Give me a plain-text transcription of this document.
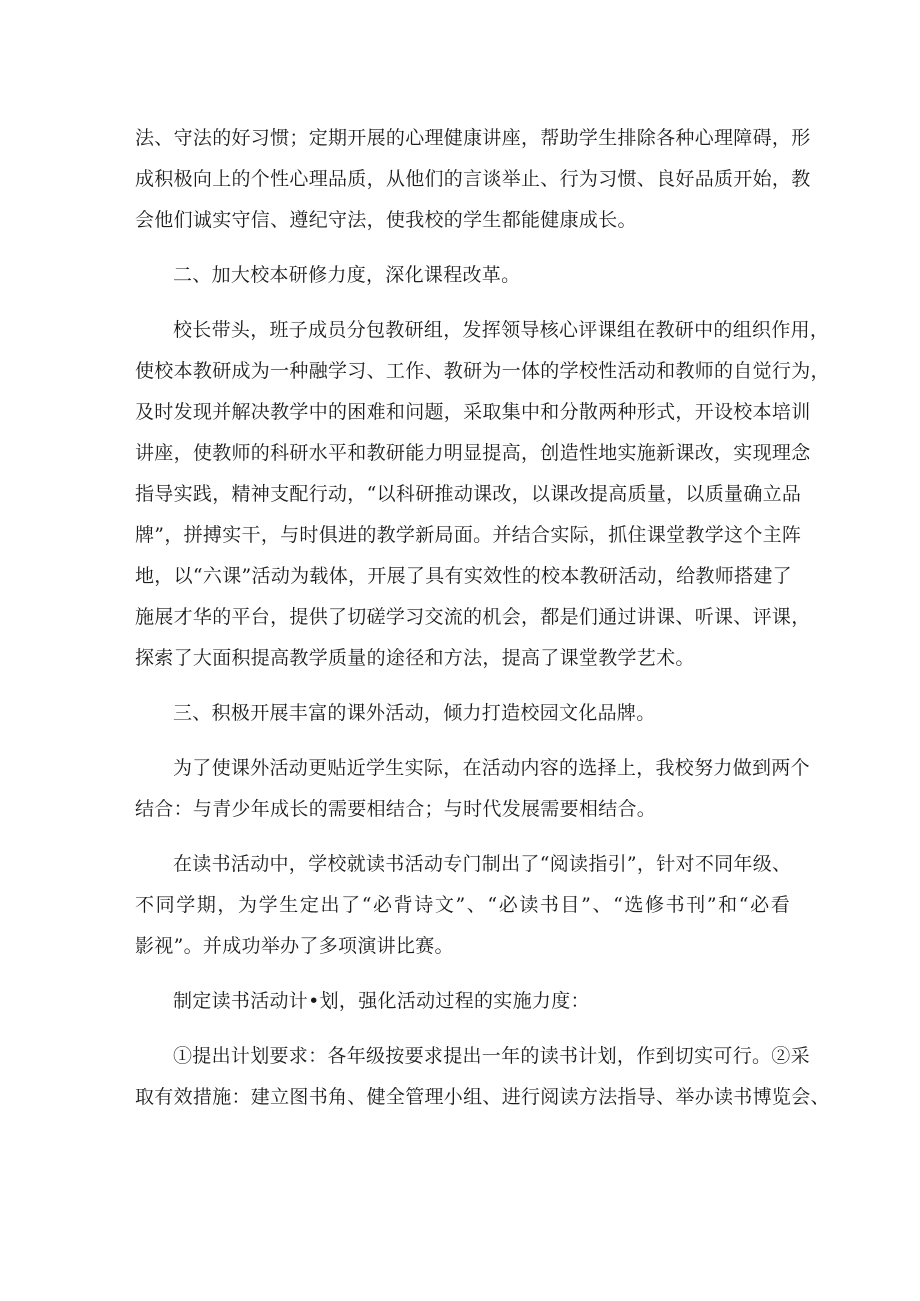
法、守法的好习惯；定期开展的心理健康讲座，帮助学生排除各种心理障碍，形
成积极向上的个性心理品质，从他们的言谈举止、行为习惯、良好品质开始，教
会他们诚实守信、遵纪守法，使我校的学生都能健康成长。

二、加大校本研修力度，深化课程改革。

校长带头，班子成员分包教研组，发挥领导核心评课组在教研中的组织作用，
使校本教研成为一种融学习、工作、教研为一体的学校性活动和教师的自觉行为，
及时发现并解决教学中的困难和问题，采取集中和分散两种形式，开设校本培训
讲座，使教师的科研水平和教研能力明显提高，创造性地实施新课改，实现理念
指导实践，精神支配行动，“以科研推动课改，以课改提高质量，以质量确立品
牌”，拼搏实干，与时俱进的教学新局面。并结合实际，抓住课堂教学这个主阵
地，以“六课”活动为载体，开展了具有实效性的校本教研活动，给教师搭建了
施展才华的平台，提供了切磋学习交流的机会，都是们通过讲课、听课、评课，
探索了大面积提高教学质量的途径和方法，提高了课堂教学艺术。

三、积极开展丰富的课外活动，倾力打造校园文化品牌。

为了使课外活动更贴近学生实际，在活动内容的选择上，我校努力做到两个
结合：与青少年成长的需要相结合；与时代发展需要相结合。

在读书活动中，学校就读书活动专门制出了“阅读指引”，针对不同年级、
不同学期，为学生定出了“必背诗文”、“必读书目”、“选修书刊”和“必看
影视”。并成功举办了多项演讲比赛。

制定读书活动计•划，强化活动过程的实施力度：

①提出计划要求：各年级按要求提出一年的读书计划，作到切实可行。②采
取有效措施：建立图书角、健全管理小组、进行阅读方法指导、举办读书博览会、
